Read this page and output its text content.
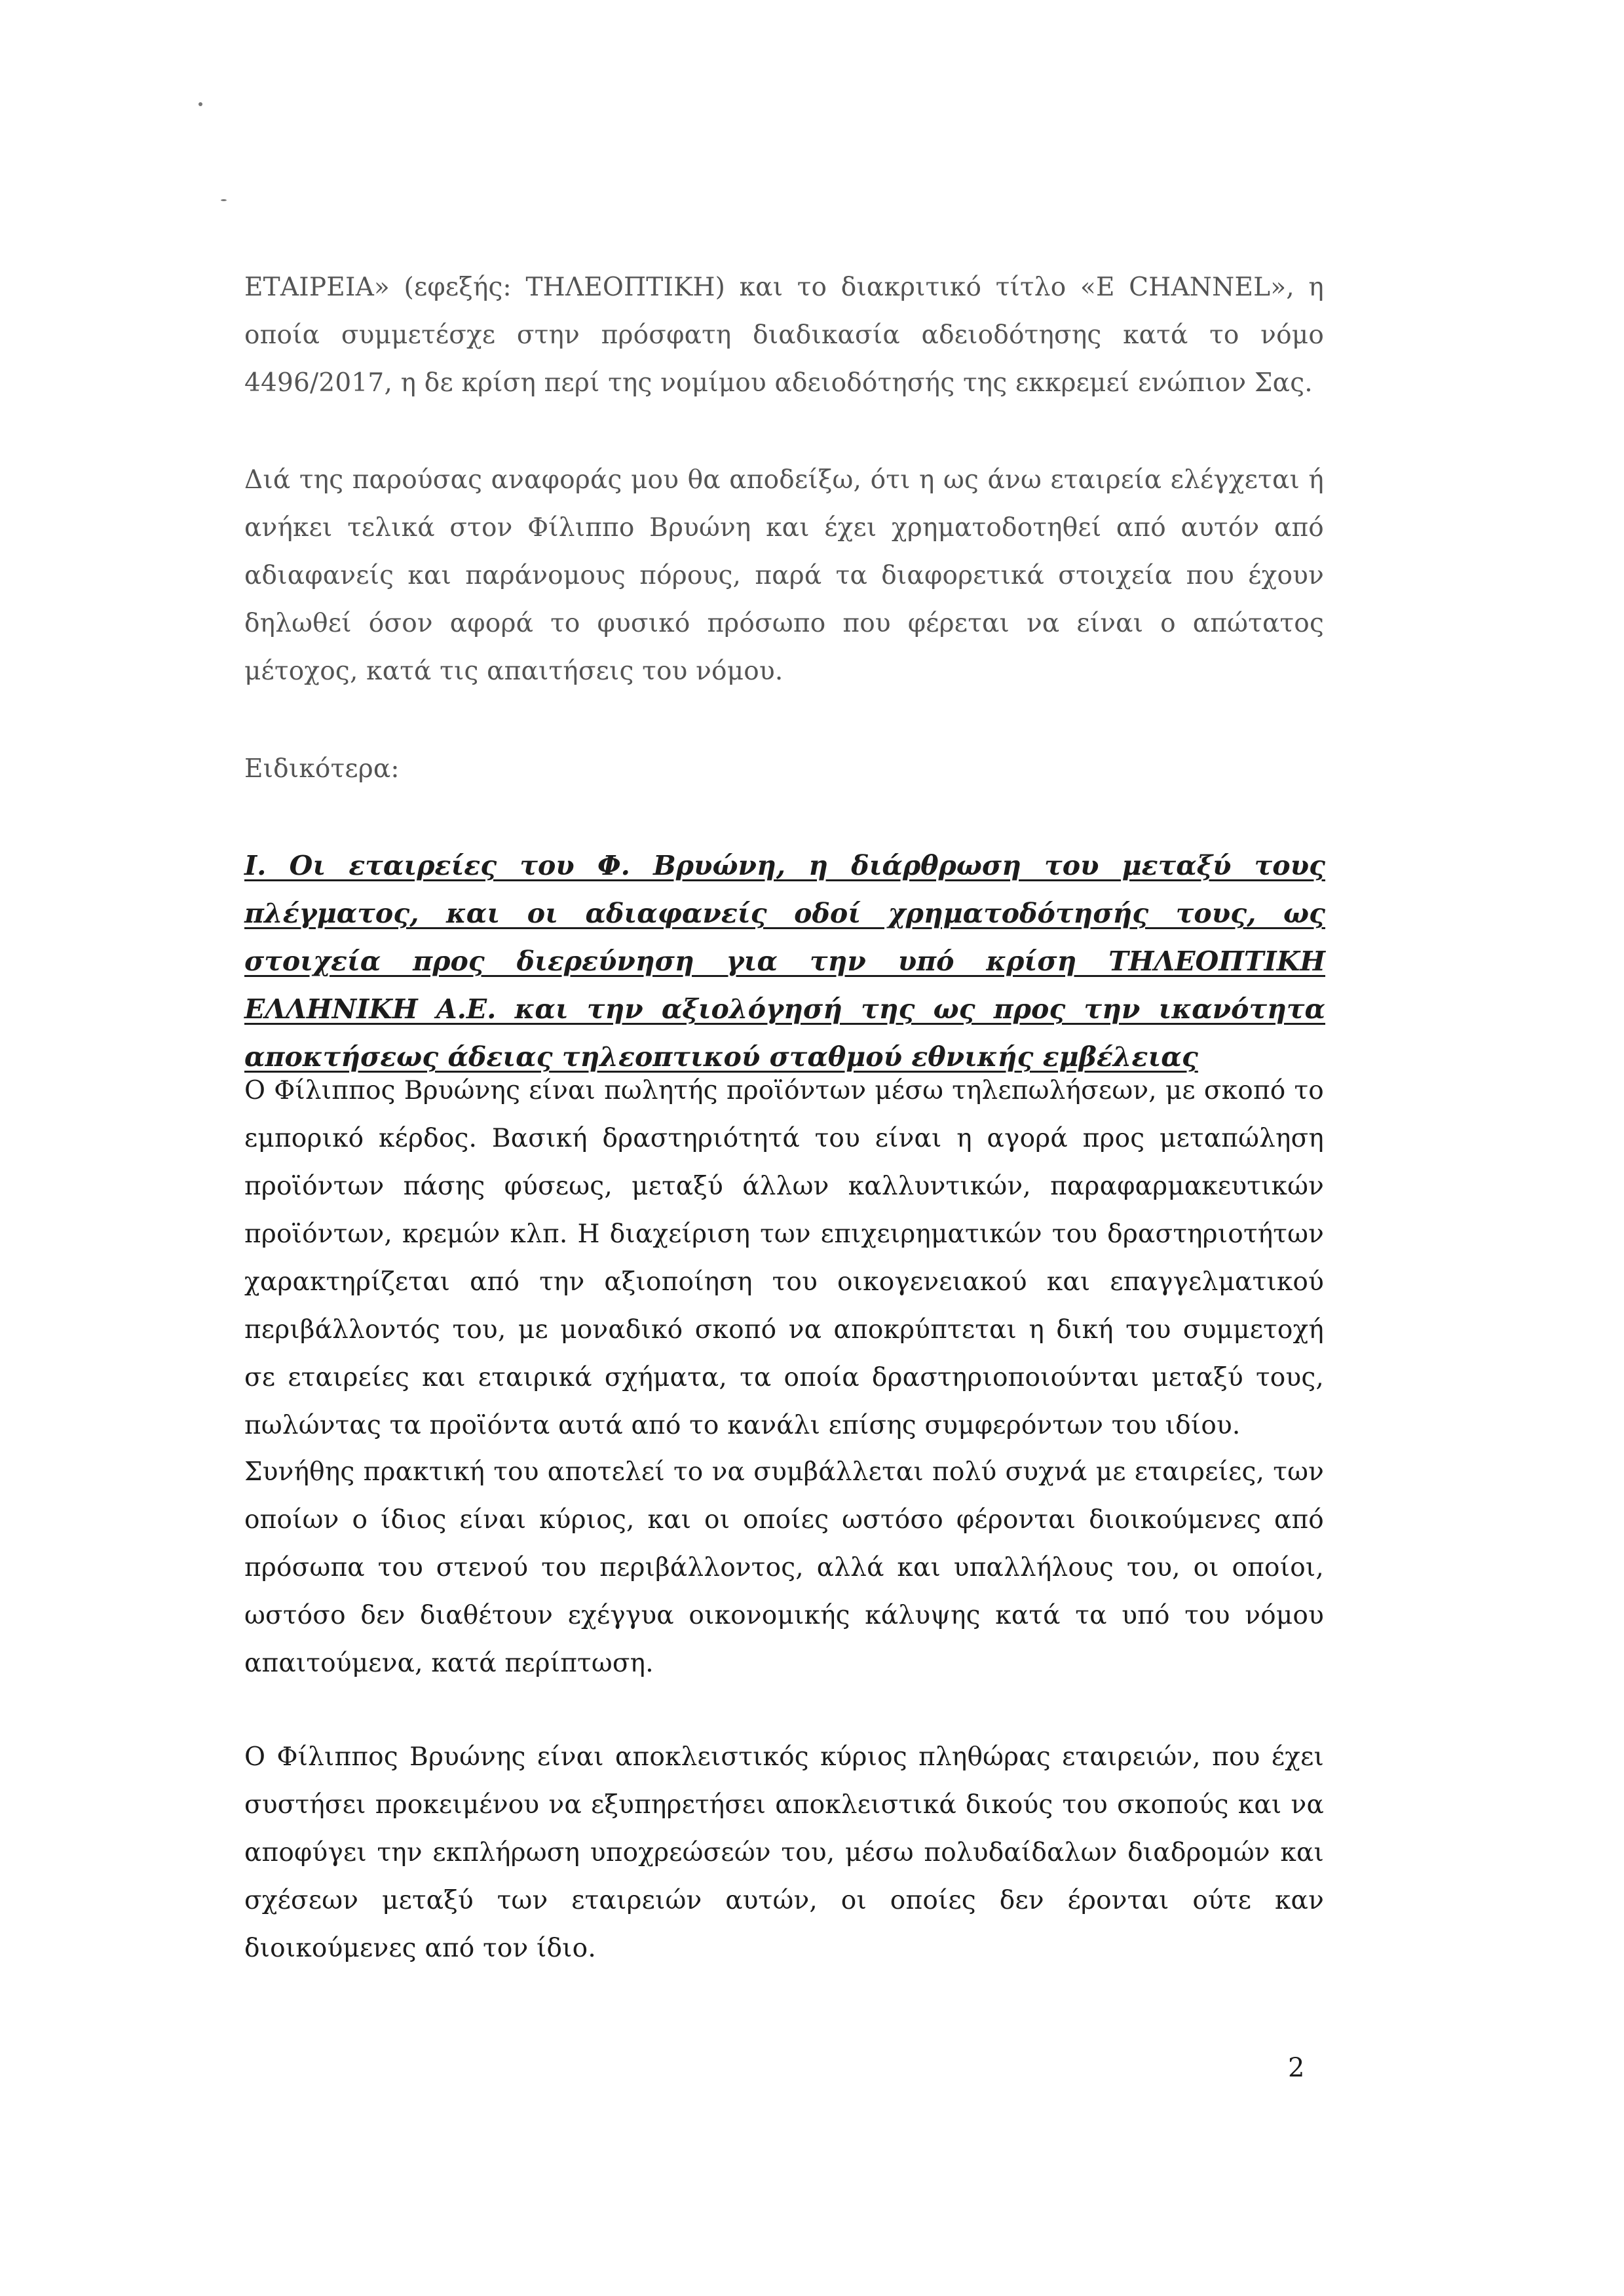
ΕΤΑΙΡΕΙΑ» (εφεξής: ΤΗΛΕΟΠΤΙΚΗ) και το διακριτικό τίτλο «Ε CHANNEL», η οποία συμμετέσχε στην πρόσφατη διαδικασία αδειοδότησης κατά το νόμο 4496/2017, η δε κρίση περί της νομίμου αδειοδότησής της εκκρεμεί ενώπιον Σας.

Διά της παρούσας αναφοράς μου θα αποδείξω, ότι η ως άνω εταιρεία ελέγχεται ή ανήκει τελικά στον Φίλιππο Βρυώνη και έχει χρηματοδοτηθεί από αυτόν από αδιαφανείς και παράνομους πόρους, παρά τα διαφορετικά στοιχεία που έχουν δηλωθεί όσον αφορά το φυσικό πρόσωπο που φέρεται να είναι ο απώτατος μέτοχος, κατά τις απαιτήσεις του νόμου.

Ειδικότερα:

Ι. Οι εταιρείες του Φ. Βρυώνη, η διάρθρωση του μεταξύ τους πλέγματος, και οι αδιαφανείς οδοί χρηματοδότησής τους, ως στοιχεία προς διερεύνηση για την υπό κρίση ΤΗΛΕΟΠΤΙΚΗ ΕΛΛΗΝΙΚΗ Α.Ε. και την αξιολόγησή της ως προς την ικανότητα αποκτήσεως άδειας τηλεοπτικού σταθμού εθνικής εμβέλειας

Ο Φίλιππος Βρυώνης είναι πωλητής προϊόντων μέσω τηλεπωλήσεων, με σκοπό το εμπορικό κέρδος. Βασική δραστηριότητά του είναι η αγορά προς μεταπώληση προϊόντων πάσης φύσεως, μεταξύ άλλων καλλυντικών, παραφαρμακευτικών προϊόντων, κρεμών κλπ. Η διαχείριση των επιχειρηματικών του δραστηριοτήτων χαρακτηρίζεται από την αξιοποίηση του οικογενειακού και επαγγελματικού περιβάλλοντός του, με μοναδικό σκοπό να αποκρύπτεται η δική του συμμετοχή σε εταιρείες και εταιρικά σχήματα, τα οποία δραστηριοποιούνται μεταξύ τους, πωλώντας τα προϊόντα αυτά από το κανάλι επίσης συμφερόντων του ιδίου.

Συνήθης πρακτική του αποτελεί το να συμβάλλεται πολύ συχνά με εταιρείες, των οποίων ο ίδιος είναι κύριος, και οι οποίες ωστόσο φέρονται διοικούμενες από πρόσωπα του στενού του περιβάλλοντος, αλλά και υπαλλήλους του, οι οποίοι, ωστόσο δεν διαθέτουν εχέγγυα οικονομικής κάλυψης κατά τα υπό του νόμου απαιτούμενα, κατά περίπτωση.

Ο Φίλιππος Βρυώνης είναι αποκλειστικός κύριος πληθώρας εταιρειών, που έχει συστήσει προκειμένου να εξυπηρετήσει αποκλειστικά δικούς του σκοπούς και να αποφύγει την εκπλήρωση υποχρεώσεών του, μέσω πολυδαίδαλων διαδρομών και σχέσεων μεταξύ των εταιρειών αυτών, οι οποίες δεν έρονται ούτε καν διοικούμενες από τον ίδιο.

2
